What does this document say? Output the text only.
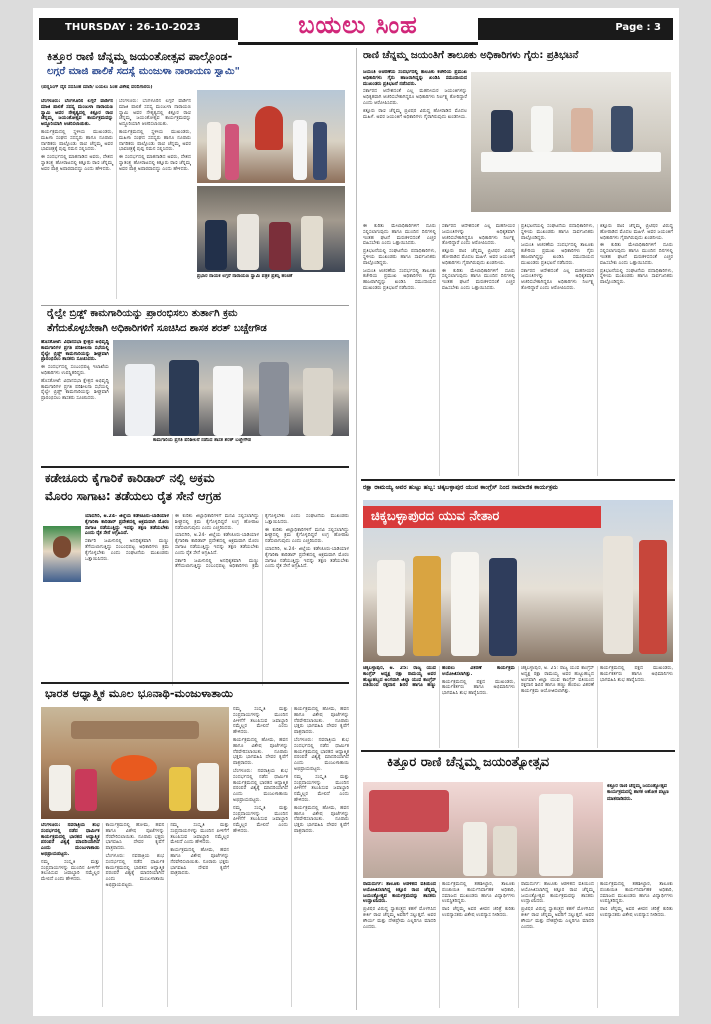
THURSDAY : 26-10-2023	Page : 3
ಬಯಲು ಸಿಂಹ
ಕಿತ್ತೂರ ರಾಣಿ ಚೆನ್ನಮ್ಮ ಜಯಂತೋತ್ಸವ ಪಾಲ್ಗೊಂಡ-
ಲಗ್ಗರೆ ಮಾಜಿ ಪಾಲಿಕೆ ಸದಸ್ಯೆ ಮಂಜುಳಾ ನಾರಾಯಣ ಸ್ವಾಮಿ"
(ಪಬ್ಲಿಸಿಂಗ್ ದೈನ ಸದಸಿಂಹ ಮಾಡಿ/ ಬಯಲು ಸಿಂಹ ವಿಶೇಷ ವರದಿಗಾರರು)

ಬೆಂಗಳೂರು: ಬೆಂಗಳೂರಿನ ಲಗ್ಗರೆ ವಾರ್ಡಿನ ಮಾಜಿ ಪಾಲಿಕೆ ಸದಸ್ಯ ಮಂಜುಳಾ ನಾರಾಯಣ ಸ್ವಾಮಿ ಅವರ ನೇತೃತ್ವದಲ್ಲಿ ಕಿತ್ತೂರ ರಾಣಿ ಚೆನ್ನಮ್ಮ ಜಯಂತೋತ್ಸವ ಕಾರ್ಯಕ್ರಮವನ್ನು ಅದ್ದೂರಿಯಾಗಿ ಆಚರಿಸಲಾಯಿತು.

ಕಾರ್ಯಕ್ರಮದಲ್ಲಿ ಸ್ಥಳೀಯ ಮುಖಂಡರು, ಮಹಿಳಾ ಸಂಘದ ಸದಸ್ಯರು ಹಾಗೂ ನೂರಾರು ನಾಗರಿಕರು ಪಾಲ್ಗೊಂಡು ರಾಣಿ ಚೆನ್ನಮ್ಮ ಅವರ ಭಾವಚಿತ್ರಕ್ಕೆ ಪುಷ್ಪ ನಮನ ಸಲ್ಲಿಸಿದರು.

ಈ ಸಂದರ್ಭದಲ್ಲಿ ಮಾತನಾಡಿದ ಅವರು, ದೇಶದ ಸ್ವಾತಂತ್ರ್ಯ ಹೋರಾಟದಲ್ಲಿ ಕಿತ್ತೂರು ರಾಣಿ ಚೆನ್ನಮ್ಮ ಅವರ ಪಾತ್ರ ಅಪಾರವಾದದ್ದು ಎಂದು ಹೇಳಿದರು.

ಬೆಂಗಳೂರು: ಬೆಂಗಳೂರಿನ ಲಗ್ಗರೆ ವಾರ್ಡಿನ ಮಾಜಿ ಪಾಲಿಕೆ ಸದಸ್ಯ ಮಂಜುಳಾ ನಾರಾಯಣ ಸ್ವಾಮಿ ಅವರ ನೇತೃತ್ವದಲ್ಲಿ ಕಿತ್ತೂರ ರಾಣಿ ಚೆನ್ನಮ್ಮ ಜಯಂತೋತ್ಸವ ಕಾರ್ಯಕ್ರಮವನ್ನು ಅದ್ದೂರಿಯಾಗಿ ಆಚರಿಸಲಾಯಿತು.

ಕಾರ್ಯಕ್ರಮದಲ್ಲಿ ಸ್ಥಳೀಯ ಮುಖಂಡರು, ಮಹಿಳಾ ಸಂಘದ ಸದಸ್ಯರು ಹಾಗೂ ನೂರಾರು ನಾಗರಿಕರು ಪಾಲ್ಗೊಂಡು ರಾಣಿ ಚೆನ್ನಮ್ಮ ಅವರ ಭಾವಚಿತ್ರಕ್ಕೆ ಪುಷ್ಪ ನಮನ ಸಲ್ಲಿಸಿದರು.

ಈ ಸಂದರ್ಭದಲ್ಲಿ ಮಾತನಾಡಿದ ಅವರು, ದೇಶದ ಸ್ವಾತಂತ್ರ್ಯ ಹೋರಾಟದಲ್ಲಿ ಕಿತ್ತೂರು ರಾಣಿ ಚೆನ್ನಮ್ಮ ಅವರ ಪಾತ್ರ ಅಪಾರವಾದದ್ದು ಎಂದು ಹೇಳಿದರು.

ಪ್ರಭಾರ ನಾಯಕ ಲಗ್ಗರೆ ನಾರಾಯಣ ಸ್ವಾಮಿ ಪತ್ರಕ ಪ್ರಶಸ್ತಿ ಹಂಚಿಕೆ
ರೈಲ್ವೇ ಬ್ರಿಡ್ಜ್ ಕಾಮಗಾರಿಯನ್ನು ಪ್ರಾರಂಭಿಸಲು ತುರ್ತಾಗಿ ಕ್ರಮ
ತೆಗೆದುಕೊಳ್ಳಬೇಕಾಗಿ ಅಧಿಕಾರಿಗಳಿಗೆ ಸೂಚಿಸಿದ ಶಾಸಕ ಶರತ್ ಬಚ್ಚೇಗೌಡ

ಹೊಸಕೋಟೆ: ವಿಧಾನಸಭಾ ಕ್ಷೇತ್ರದ ಅಭಿವೃದ್ಧಿ ಕಾಮಗಾರಿಗಳ ಪ್ರಗತಿ ಪರಿಶೀಲನಾ ಸಭೆಯಲ್ಲಿ ರೈಲ್ವೇ ಬ್ರಿಡ್ಜ್ ಕಾಮಗಾರಿಯನ್ನು ಶೀಘ್ರವಾಗಿ ಪ್ರಾರಂಭಿಸಲು ಶಾಸಕರು ಸೂಚಿಸಿದರು.

ಈ ಸಂದರ್ಭದಲ್ಲಿ ಸಂಬಂಧಪಟ್ಟ ಇಲಾಖೆಯ ಅಧಿಕಾರಿಗಳು ಉಪಸ್ಥಿತರಿದ್ದರು.

ಹೊಸಕೋಟೆ: ವಿಧಾನಸಭಾ ಕ್ಷೇತ್ರದ ಅಭಿವೃದ್ಧಿ ಕಾಮಗಾರಿಗಳ ಪ್ರಗತಿ ಪರಿಶೀಲನಾ ಸಭೆಯಲ್ಲಿ ರೈಲ್ವೇ ಬ್ರಿಡ್ಜ್ ಕಾಮಗಾರಿಯನ್ನು ಶೀಘ್ರವಾಗಿ ಪ್ರಾರಂಭಿಸಲು ಶಾಸಕರು ಸೂಚಿಸಿದರು.

ಕಾಮಗಾರಿಯ ಪ್ರಗತಿ ಪರಿಶೀಲನೆ ನಡೆಸಿದ ಶಾಸಕ ಶರತ್ ಬಚ್ಚೇಗೌಡ
ಕಡೇಚೂರು ಕೈಗಾರಿಕೆ ಕಾರಿಡಾರ್ ನಲ್ಲಿ ಅಕ್ರಮ
ಮೊರಂ ಸಾಗಾಟ: ತಡೆಯಲು ರೈತ ಸೇನೆ ಆಗ್ರಹ

ಯಾದಗಿರಿ, ಅ.24- ಜಿಲ್ಲೆಯ ಕಡೇಚೂರು-ಬಾಡಿಯಾಳ ಕೈಗಾರಿಕಾ ಕಾರಿಡಾರ್ ಪ್ರದೇಶದಲ್ಲಿ ಅಕ್ರಮವಾಗಿ ಮೊರಂ ಸಾಗಾಟ ನಡೆಯುತ್ತಿದ್ದು ಇದನ್ನು ತಕ್ಷಣ ತಡೆಯಬೇಕು ಎಂದು ರೈತ ಸೇನೆ ಆಗ್ರಹಿಸಿದೆ.

ಸರ್ಕಾರಿ ಜಮೀನಿನಲ್ಲಿ ಅನಧಿಕೃತವಾಗಿ ಮಣ್ಣು ತೆಗೆಯಲಾಗುತ್ತಿದ್ದು ಸಂಬಂಧಪಟ್ಟ ಅಧಿಕಾರಿಗಳು ಕ್ರಮ ಕೈಗೊಳ್ಳಬೇಕು ಎಂದು ಸಂಘಟನೆಯ ಮುಖಂಡರು ಒತ್ತಾಯಿಸಿದರು.

ಈ ಕುರಿತು ಜಿಲ್ಲಾಧಿಕಾರಿಗಳಿಗೆ ಮನವಿ ಸಲ್ಲಿಸಲಾಗಿದ್ದು ಶೀಘ್ರದಲ್ಲಿ ಕ್ರಮ ಕೈಗೊಳ್ಳದಿದ್ದರೆ ಉಗ್ರ ಹೋರಾಟ ನಡೆಸಲಾಗುವುದು ಎಂದು ಎಚ್ಚರಿಸಿದರು.

ಯಾದಗಿರಿ, ಅ.24- ಜಿಲ್ಲೆಯ ಕಡೇಚೂರು-ಬಾಡಿಯಾಳ ಕೈಗಾರಿಕಾ ಕಾರಿಡಾರ್ ಪ್ರದೇಶದಲ್ಲಿ ಅಕ್ರಮವಾಗಿ ಮೊರಂ ಸಾಗಾಟ ನಡೆಯುತ್ತಿದ್ದು ಇದನ್ನು ತಕ್ಷಣ ತಡೆಯಬೇಕು ಎಂದು ರೈತ ಸೇನೆ ಆಗ್ರಹಿಸಿದೆ.

ಸರ್ಕಾರಿ ಜಮೀನಿನಲ್ಲಿ ಅನಧಿಕೃತವಾಗಿ ಮಣ್ಣು ತೆಗೆಯಲಾಗುತ್ತಿದ್ದು ಸಂಬಂಧಪಟ್ಟ ಅಧಿಕಾರಿಗಳು ಕ್ರಮ ಕೈಗೊಳ್ಳಬೇಕು ಎಂದು ಸಂಘಟನೆಯ ಮುಖಂಡರು ಒತ್ತಾಯಿಸಿದರು.

ಈ ಕುರಿತು ಜಿಲ್ಲಾಧಿಕಾರಿಗಳಿಗೆ ಮನವಿ ಸಲ್ಲಿಸಲಾಗಿದ್ದು ಶೀಘ್ರದಲ್ಲಿ ಕ್ರಮ ಕೈಗೊಳ್ಳದಿದ್ದರೆ ಉಗ್ರ ಹೋರಾಟ ನಡೆಸಲಾಗುವುದು ಎಂದು ಎಚ್ಚರಿಸಿದರು.

ಯಾದಗಿರಿ, ಅ.24- ಜಿಲ್ಲೆಯ ಕಡೇಚೂರು-ಬಾಡಿಯಾಳ ಕೈಗಾರಿಕಾ ಕಾರಿಡಾರ್ ಪ್ರದೇಶದಲ್ಲಿ ಅಕ್ರಮವಾಗಿ ಮೊರಂ ಸಾಗಾಟ ನಡೆಯುತ್ತಿದ್ದು ಇದನ್ನು ತಕ್ಷಣ ತಡೆಯಬೇಕು ಎಂದು ರೈತ ಸೇನೆ ಆಗ್ರಹಿಸಿದೆ.

ಭಾರತ ಆಧ್ಯಾತ್ಮಿಕ ಮೂಲ ಭೂನಾಥಿ-ಮಂಜುಳಾತಾಯಿ

ನಮ್ಮ ಸಂಸ್ಕೃತಿ ಮತ್ತು ಸಂಪ್ರದಾಯಗಳನ್ನು ಮುಂದಿನ ಪೀಳಿಗೆಗೆ ತಲುಪಿಸುವ ಜವಾಬ್ದಾರಿ ನಮ್ಮೆಲ್ಲರ ಮೇಲಿದೆ ಎಂದು ಹೇಳಿದರು.

ಕಾರ್ಯಕ್ರಮದಲ್ಲಿ ಹೋಮ, ಹವನ ಹಾಗೂ ವಿಶೇಷ ಪೂಜೆಗಳನ್ನು ನೆರವೇರಿಸಲಾಯಿತು. ನೂರಾರು ಭಕ್ತರು ಭಾಗವಹಿಸಿ ದೇವರ ಕೃಪೆಗೆ ಪಾತ್ರರಾದರು.

ಬೆಂಗಳೂರು: ನವರಾತ್ರಿಯ ಶುಭ ಸಂದರ್ಭದಲ್ಲಿ ನಡೆದ ಧಾರ್ಮಿಕ ಕಾರ್ಯಕ್ರಮದಲ್ಲಿ ಭಾರತದ ಆಧ್ಯಾತ್ಮಿಕ ಪರಂಪರೆ ವಿಶ್ವಕ್ಕೆ ಮಾದರಿಯಾಗಿದೆ ಎಂದು ಮಂಜುಳಾತಾಯಿ ಅಭಿಪ್ರಾಯಪಟ್ಟರು.

ನಮ್ಮ ಸಂಸ್ಕೃತಿ ಮತ್ತು ಸಂಪ್ರದಾಯಗಳನ್ನು ಮುಂದಿನ ಪೀಳಿಗೆಗೆ ತಲುಪಿಸುವ ಜವಾಬ್ದಾರಿ ನಮ್ಮೆಲ್ಲರ ಮೇಲಿದೆ ಎಂದು ಹೇಳಿದರು.

ಕಾರ್ಯಕ್ರಮದಲ್ಲಿ ಹೋಮ, ಹವನ ಹಾಗೂ ವಿಶೇಷ ಪೂಜೆಗಳನ್ನು ನೆರವೇರಿಸಲಾಯಿತು. ನೂರಾರು ಭಕ್ತರು ಭಾಗವಹಿಸಿ ದೇವರ ಕೃಪೆಗೆ ಪಾತ್ರರಾದರು.

ಬೆಂಗಳೂರು: ನವರಾತ್ರಿಯ ಶುಭ ಸಂದರ್ಭದಲ್ಲಿ ನಡೆದ ಧಾರ್ಮಿಕ ಕಾರ್ಯಕ್ರಮದಲ್ಲಿ ಭಾರತದ ಆಧ್ಯಾತ್ಮಿಕ ಪರಂಪರೆ ವಿಶ್ವಕ್ಕೆ ಮಾದರಿಯಾಗಿದೆ ಎಂದು ಮಂಜುಳಾತಾಯಿ ಅಭಿಪ್ರಾಯಪಟ್ಟರು.

ನಮ್ಮ ಸಂಸ್ಕೃತಿ ಮತ್ತು ಸಂಪ್ರದಾಯಗಳನ್ನು ಮುಂದಿನ ಪೀಳಿಗೆಗೆ ತಲುಪಿಸುವ ಜವಾಬ್ದಾರಿ ನಮ್ಮೆಲ್ಲರ ಮೇಲಿದೆ ಎಂದು ಹೇಳಿದರು.

ಕಾರ್ಯಕ್ರಮದಲ್ಲಿ ಹೋಮ, ಹವನ ಹಾಗೂ ವಿಶೇಷ ಪೂಜೆಗಳನ್ನು ನೆರವೇರಿಸಲಾಯಿತು. ನೂರಾರು ಭಕ್ತರು ಭಾಗವಹಿಸಿ ದೇವರ ಕೃಪೆಗೆ ಪಾತ್ರರಾದರು.

ಬೆಂಗಳೂರು: ನವರಾತ್ರಿಯ ಶುಭ ಸಂದರ್ಭದಲ್ಲಿ ನಡೆದ ಧಾರ್ಮಿಕ ಕಾರ್ಯಕ್ರಮದಲ್ಲಿ ಭಾರತದ ಆಧ್ಯಾತ್ಮಿಕ ಪರಂಪರೆ ವಿಶ್ವಕ್ಕೆ ಮಾದರಿಯಾಗಿದೆ ಎಂದು ಮಂಜುಳಾತಾಯಿ ಅಭಿಪ್ರಾಯಪಟ್ಟರು.

ನಮ್ಮ ಸಂಸ್ಕೃತಿ ಮತ್ತು ಸಂಪ್ರದಾಯಗಳನ್ನು ಮುಂದಿನ ಪೀಳಿಗೆಗೆ ತಲುಪಿಸುವ ಜವಾಬ್ದಾರಿ ನಮ್ಮೆಲ್ಲರ ಮೇಲಿದೆ ಎಂದು ಹೇಳಿದರು.

ಕಾರ್ಯಕ್ರಮದಲ್ಲಿ ಹೋಮ, ಹವನ ಹಾಗೂ ವಿಶೇಷ ಪೂಜೆಗಳನ್ನು ನೆರವೇರಿಸಲಾಯಿತು. ನೂರಾರು ಭಕ್ತರು ಭಾಗವಹಿಸಿ ದೇವರ ಕೃಪೆಗೆ ಪಾತ್ರರಾದರು.

ಬೆಂಗಳೂರು: ನವರಾತ್ರಿಯ ಶುಭ ಸಂದರ್ಭದಲ್ಲಿ ನಡೆದ ಧಾರ್ಮಿಕ ಕಾರ್ಯಕ್ರಮದಲ್ಲಿ ಭಾರತದ ಆಧ್ಯಾತ್ಮಿಕ ಪರಂಪರೆ ವಿಶ್ವಕ್ಕೆ ಮಾದರಿಯಾಗಿದೆ ಎಂದು ಮಂಜುಳಾತಾಯಿ ಅಭಿಪ್ರಾಯಪಟ್ಟರು.

ನಮ್ಮ ಸಂಸ್ಕೃತಿ ಮತ್ತು ಸಂಪ್ರದಾಯಗಳನ್ನು ಮುಂದಿನ ಪೀಳಿಗೆಗೆ ತಲುಪಿಸುವ ಜವಾಬ್ದಾರಿ ನಮ್ಮೆಲ್ಲರ ಮೇಲಿದೆ ಎಂದು ಹೇಳಿದರು.

ಕಾರ್ಯಕ್ರಮದಲ್ಲಿ ಹೋಮ, ಹವನ ಹಾಗೂ ವಿಶೇಷ ಪೂಜೆಗಳನ್ನು ನೆರವೇರಿಸಲಾಯಿತು. ನೂರಾರು ಭಕ್ತರು ಭಾಗವಹಿಸಿ ದೇವರ ಕೃಪೆಗೆ ಪಾತ್ರರಾದರು.

ರಾಣಿ ಚೆನ್ನಮ್ಮ ಜಯಂತಿಗೆ ತಾಲೂಕು ಅಧಿಕಾರಿಗಳು ಗೈರು: ಪ್ರತಿಭಟನೆ

ಜಯಂತಿ ಆಚರಣೆಯ ಸಂದರ್ಭದಲ್ಲಿ ತಾಲೂಕು ಕಚೇರಿಯ ಪ್ರಮುಖ ಅಧಿಕಾರಿಗಳು ಗೈರು ಹಾಜರಾಗಿದ್ದನ್ನು ಖಂಡಿಸಿ ಸಮುದಾಯದ ಮುಖಂಡರು ಪ್ರತಿಭಟನೆ ನಡೆಸಿದರು.

ಸರ್ಕಾರದ ಆದೇಶದಂತೆ ಎಲ್ಲ ಮಹನೀಯರ ಜಯಂತಿಗಳನ್ನು ಅಧಿಕೃತವಾಗಿ ಆಚರಿಸಬೇಕಾಗಿದ್ದರೂ ಅಧಿಕಾರಿಗಳು ನಿರ್ಲಕ್ಷ್ಯ ತೋರಿದ್ದಾರೆ ಎಂದು ಆರೋಪಿಸಿದರು.

ಕಿತ್ತೂರು ರಾಣಿ ಚೆನ್ನಮ್ಮ ಬ್ರಿಟಿಷರ ವಿರುದ್ಧ ಹೋರಾಡಿದ ಮೊದಲ ಮಹಿಳೆ. ಅವರ ಜಯಂತಿಗೆ ಅಧಿಕಾರಿಗಳು ಗೈರಾಗಿರುವುದು ಖಂಡನೀಯ.

ಈ ಕುರಿತು ಮೇಲಾಧಿಕಾರಿಗಳಿಗೆ ದೂರು ಸಲ್ಲಿಸಲಾಗುವುದು ಹಾಗೂ ಮುಂದಿನ ದಿನಗಳಲ್ಲಿ ಇಂತಹ ಘಟನೆ ಮರುಕಳಿಸದಂತೆ ಎಚ್ಚರ ವಹಿಸಬೇಕು ಎಂದು ಒತ್ತಾಯಿಸಿದರು.

ಪ್ರತಿಭಟನೆಯಲ್ಲಿ ಸಂಘಟನೆಯ ಪದಾಧಿಕಾರಿಗಳು, ಸ್ಥಳೀಯ ಮುಖಂಡರು ಹಾಗೂ ಸಾರ್ವಜನಿಕರು ಪಾಲ್ಗೊಂಡಿದ್ದರು.

ಜಯಂತಿ ಆಚರಣೆಯ ಸಂದರ್ಭದಲ್ಲಿ ತಾಲೂಕು ಕಚೇರಿಯ ಪ್ರಮುಖ ಅಧಿಕಾರಿಗಳು ಗೈರು ಹಾಜರಾಗಿದ್ದನ್ನು ಖಂಡಿಸಿ ಸಮುದಾಯದ ಮುಖಂಡರು ಪ್ರತಿಭಟನೆ ನಡೆಸಿದರು.

ಸರ್ಕಾರದ ಆದೇಶದಂತೆ ಎಲ್ಲ ಮಹನೀಯರ ಜಯಂತಿಗಳನ್ನು ಅಧಿಕೃತವಾಗಿ ಆಚರಿಸಬೇಕಾಗಿದ್ದರೂ ಅಧಿಕಾರಿಗಳು ನಿರ್ಲಕ್ಷ್ಯ ತೋರಿದ್ದಾರೆ ಎಂದು ಆರೋಪಿಸಿದರು.

ಕಿತ್ತೂರು ರಾಣಿ ಚೆನ್ನಮ್ಮ ಬ್ರಿಟಿಷರ ವಿರುದ್ಧ ಹೋರಾಡಿದ ಮೊದಲ ಮಹಿಳೆ. ಅವರ ಜಯಂತಿಗೆ ಅಧಿಕಾರಿಗಳು ಗೈರಾಗಿರುವುದು ಖಂಡನೀಯ.

ಈ ಕುರಿತು ಮೇಲಾಧಿಕಾರಿಗಳಿಗೆ ದೂರು ಸಲ್ಲಿಸಲಾಗುವುದು ಹಾಗೂ ಮುಂದಿನ ದಿನಗಳಲ್ಲಿ ಇಂತಹ ಘಟನೆ ಮರುಕಳಿಸದಂತೆ ಎಚ್ಚರ ವಹಿಸಬೇಕು ಎಂದು ಒತ್ತಾಯಿಸಿದರು.

ಪ್ರತಿಭಟನೆಯಲ್ಲಿ ಸಂಘಟನೆಯ ಪದಾಧಿಕಾರಿಗಳು, ಸ್ಥಳೀಯ ಮುಖಂಡರು ಹಾಗೂ ಸಾರ್ವಜನಿಕರು ಪಾಲ್ಗೊಂಡಿದ್ದರು.

ಜಯಂತಿ ಆಚರಣೆಯ ಸಂದರ್ಭದಲ್ಲಿ ತಾಲೂಕು ಕಚೇರಿಯ ಪ್ರಮುಖ ಅಧಿಕಾರಿಗಳು ಗೈರು ಹಾಜರಾಗಿದ್ದನ್ನು ಖಂಡಿಸಿ ಸಮುದಾಯದ ಮುಖಂಡರು ಪ್ರತಿಭಟನೆ ನಡೆಸಿದರು.

ಸರ್ಕಾರದ ಆದೇಶದಂತೆ ಎಲ್ಲ ಮಹನೀಯರ ಜಯಂತಿಗಳನ್ನು ಅಧಿಕೃತವಾಗಿ ಆಚರಿಸಬೇಕಾಗಿದ್ದರೂ ಅಧಿಕಾರಿಗಳು ನಿರ್ಲಕ್ಷ್ಯ ತೋರಿದ್ದಾರೆ ಎಂದು ಆರೋಪಿಸಿದರು.

ಕಿತ್ತೂರು ರಾಣಿ ಚೆನ್ನಮ್ಮ ಬ್ರಿಟಿಷರ ವಿರುದ್ಧ ಹೋರಾಡಿದ ಮೊದಲ ಮಹಿಳೆ. ಅವರ ಜಯಂತಿಗೆ ಅಧಿಕಾರಿಗಳು ಗೈರಾಗಿರುವುದು ಖಂಡನೀಯ.

ಈ ಕುರಿತು ಮೇಲಾಧಿಕಾರಿಗಳಿಗೆ ದೂರು ಸಲ್ಲಿಸಲಾಗುವುದು ಹಾಗೂ ಮುಂದಿನ ದಿನಗಳಲ್ಲಿ ಇಂತಹ ಘಟನೆ ಮರುಕಳಿಸದಂತೆ ಎಚ್ಚರ ವಹಿಸಬೇಕು ಎಂದು ಒತ್ತಾಯಿಸಿದರು.

ಪ್ರತಿಭಟನೆಯಲ್ಲಿ ಸಂಘಟನೆಯ ಪದಾಧಿಕಾರಿಗಳು, ಸ್ಥಳೀಯ ಮುಖಂಡರು ಹಾಗೂ ಸಾರ್ವಜನಿಕರು ಪಾಲ್ಗೊಂಡಿದ್ದರು.

ರಕ್ಷಾ ರಾಮಯ್ಯ ಅವರ ಹುಟ್ಟು ಹಬ್ಬ: ಚಿಕ್ಕಬಳ್ಳಾಪುರ ಯುವ ಕಾಂಗ್ರೆಸ್ ನಿಂದ ಸಾಮಾಜಿಕ ಕಾರ್ಯಕ್ರಮ
ಚಿಕ್ಕಬಳ್ಳಾಪುರದ ಯುವ ನೇತಾರ

ಚಿಕ್ಕಬಳ್ಳಾಪುರ, ಅ. 25: ರಾಜ್ಯ ಯುವ ಕಾಂಗ್ರೆಸ್ ಅಧ್ಯಕ್ಷ ರಕ್ಷಾ ರಾಮಯ್ಯ ಅವರ ಹುಟ್ಟುಹಬ್ಬದ ಅಂಗವಾಗಿ ಜಿಲ್ಲಾ ಯುವ ಕಾಂಗ್ರೆಸ್ ವತಿಯಿಂದ ರಕ್ತದಾನ ಶಿಬಿರ ಹಾಗೂ ಹಣ್ಣು ಹಂಪಲು ವಿತರಣೆ ಕಾರ್ಯಕ್ರಮ ಆಯೋಜಿಸಲಾಗಿತ್ತು.

ಕಾರ್ಯಕ್ರಮದಲ್ಲಿ ಪಕ್ಷದ ಮುಖಂಡರು, ಕಾರ್ಯಕರ್ತರು ಹಾಗೂ ಅಭಿಮಾನಿಗಳು ಭಾಗವಹಿಸಿ ಶುಭ ಹಾರೈಸಿದರು.

ಚಿಕ್ಕಬಳ್ಳಾಪುರ, ಅ. 25: ರಾಜ್ಯ ಯುವ ಕಾಂಗ್ರೆಸ್ ಅಧ್ಯಕ್ಷ ರಕ್ಷಾ ರಾಮಯ್ಯ ಅವರ ಹುಟ್ಟುಹಬ್ಬದ ಅಂಗವಾಗಿ ಜಿಲ್ಲಾ ಯುವ ಕಾಂಗ್ರೆಸ್ ವತಿಯಿಂದ ರಕ್ತದಾನ ಶಿಬಿರ ಹಾಗೂ ಹಣ್ಣು ಹಂಪಲು ವಿತರಣೆ ಕಾರ್ಯಕ್ರಮ ಆಯೋಜಿಸಲಾಗಿತ್ತು.

ಕಾರ್ಯಕ್ರಮದಲ್ಲಿ ಪಕ್ಷದ ಮುಖಂಡರು, ಕಾರ್ಯಕರ್ತರು ಹಾಗೂ ಅಭಿಮಾನಿಗಳು ಭಾಗವಹಿಸಿ ಶುಭ ಹಾರೈಸಿದರು.

ಕಿತ್ತೂರ ರಾಣಿ ಚೆನ್ನಮ್ಮ ಜಯಂತ್ಯೋತ್ಸವ
ಕಿತ್ತೂರ ರಾಣಿ ಚೆನ್ನಮ್ಮ ಜಯಂತ್ಯೋತ್ಸವ ಕಾರ್ಯಕ್ರಮದಲ್ಲಿ ಶಾಸಕ ಅಶೋಕ ಪಟ್ಟಣ ಮಾತನಾಡಿದರು.

ರಾಮದುರ್ಗ: ತಾಲೂಕು ಆಡಳಿತದ ವತಿಯಿಂದ ಆಯೋಜಿಸಲಾಗಿದ್ದ ಕಿತ್ತೂರ ರಾಣಿ ಚೆನ್ನಮ್ಮ ಜಯಂತ್ಯೋತ್ಸವ ಕಾರ್ಯಕ್ರಮವನ್ನು ಶಾಸಕರು ಉದ್ಘಾಟಿಸಿದರು.

ಬ್ರಿಟಿಷರ ವಿರುದ್ಧ ಸ್ವಾತಂತ್ರ್ಯದ ಕಹಳೆ ಮೊಳಗಿಸಿದ ಕೀರ್ತಿ ರಾಣಿ ಚೆನ್ನಮ್ಮ ಅವರಿಗೆ ಸಲ್ಲುತ್ತದೆ. ಅವರ ಶೌರ್ಯ ಮತ್ತು ದೇಶಪ್ರೇಮ ಎಲ್ಲರಿಗೂ ಮಾದರಿ ಎಂದರು.

ಕಾರ್ಯಕ್ರಮದಲ್ಲಿ ತಹಶೀಲ್ದಾರ, ತಾಲೂಕು ಪಂಚಾಯಿತಿ ಕಾರ್ಯನಿರ್ವಾಹಕ ಅಧಿಕಾರಿ, ಸಮಾಜದ ಮುಖಂಡರು ಹಾಗೂ ವಿದ್ಯಾರ್ಥಿಗಳು ಉಪಸ್ಥಿತರಿದ್ದರು.

ರಾಣಿ ಚೆನ್ನಮ್ಮ ಅವರ ಜೀವನ ಚರಿತ್ರೆ ಕುರಿತು ಉಪನ್ಯಾಸಕರು ವಿಶೇಷ ಉಪನ್ಯಾಸ ನೀಡಿದರು.

ರಾಮದುರ್ಗ: ತಾಲೂಕು ಆಡಳಿತದ ವತಿಯಿಂದ ಆಯೋಜಿಸಲಾಗಿದ್ದ ಕಿತ್ತೂರ ರಾಣಿ ಚೆನ್ನಮ್ಮ ಜಯಂತ್ಯೋತ್ಸವ ಕಾರ್ಯಕ್ರಮವನ್ನು ಶಾಸಕರು ಉದ್ಘಾಟಿಸಿದರು.

ಬ್ರಿಟಿಷರ ವಿರುದ್ಧ ಸ್ವಾತಂತ್ರ್ಯದ ಕಹಳೆ ಮೊಳಗಿಸಿದ ಕೀರ್ತಿ ರಾಣಿ ಚೆನ್ನಮ್ಮ ಅವರಿಗೆ ಸಲ್ಲುತ್ತದೆ. ಅವರ ಶೌರ್ಯ ಮತ್ತು ದೇಶಪ್ರೇಮ ಎಲ್ಲರಿಗೂ ಮಾದರಿ ಎಂದರು.

ಕಾರ್ಯಕ್ರಮದಲ್ಲಿ ತಹಶೀಲ್ದಾರ, ತಾಲೂಕು ಪಂಚಾಯಿತಿ ಕಾರ್ಯನಿರ್ವಾಹಕ ಅಧಿಕಾರಿ, ಸಮಾಜದ ಮುಖಂಡರು ಹಾಗೂ ವಿದ್ಯಾರ್ಥಿಗಳು ಉಪಸ್ಥಿತರಿದ್ದರು.

ರಾಣಿ ಚೆನ್ನಮ್ಮ ಅವರ ಜೀವನ ಚರಿತ್ರೆ ಕುರಿತು ಉಪನ್ಯಾಸಕರು ವಿಶೇಷ ಉಪನ್ಯಾಸ ನೀಡಿದರು.
